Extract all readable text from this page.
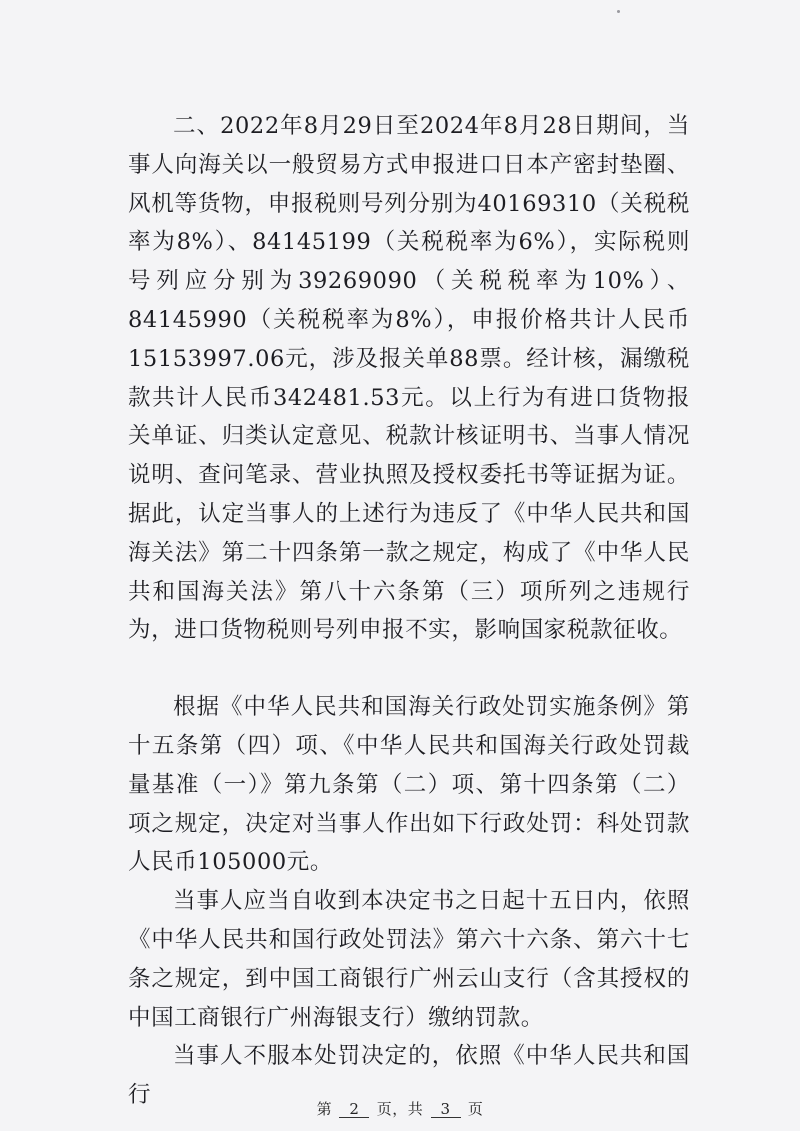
二、2022年8月29日至2024年8月28日期间，当事人向海关以一般贸易方式申报进口日本产密封垫圈、风机等货物，申报税则号列分别为40169310（关税税率为8%）、84145199（关税税率为6%），实际税则号列应分别为39269090（关税税率为10%）、84145990（关税税率为8%），申报价格共计人民币15153997.06元，涉及报关单88票。经计核，漏缴税款共计人民币342481.53元。以上行为有进口货物报关单证、归类认定意见、税款计核证明书、当事人情况说明、查问笔录、营业执照及授权委托书等证据为证。据此，认定当事人的上述行为违反了《中华人民共和国海关法》第二十四条第一款之规定，构成了《中华人民共和国海关法》第八十六条第（三）项所列之违规行为，进口货物税则号列申报不实，影响国家税款征收。

根据《中华人民共和国海关行政处罚实施条例》第十五条第（四）项、《中华人民共和国海关行政处罚裁量基准（一）》第九条第（二）项、第十四条第（二）项之规定，决定对当事人作出如下行政处罚：科处罚款人民币105000元。

当事人应当自收到本决定书之日起十五日内，依照《中华人民共和国行政处罚法》第六十六条、第六十七条之规定，到中国工商银行广州云山支行（含其授权的中国工商银行广州海银支行）缴纳罚款。

当事人不服本处罚决定的，依照《中华人民共和国行

第 2 页，共 3 页
